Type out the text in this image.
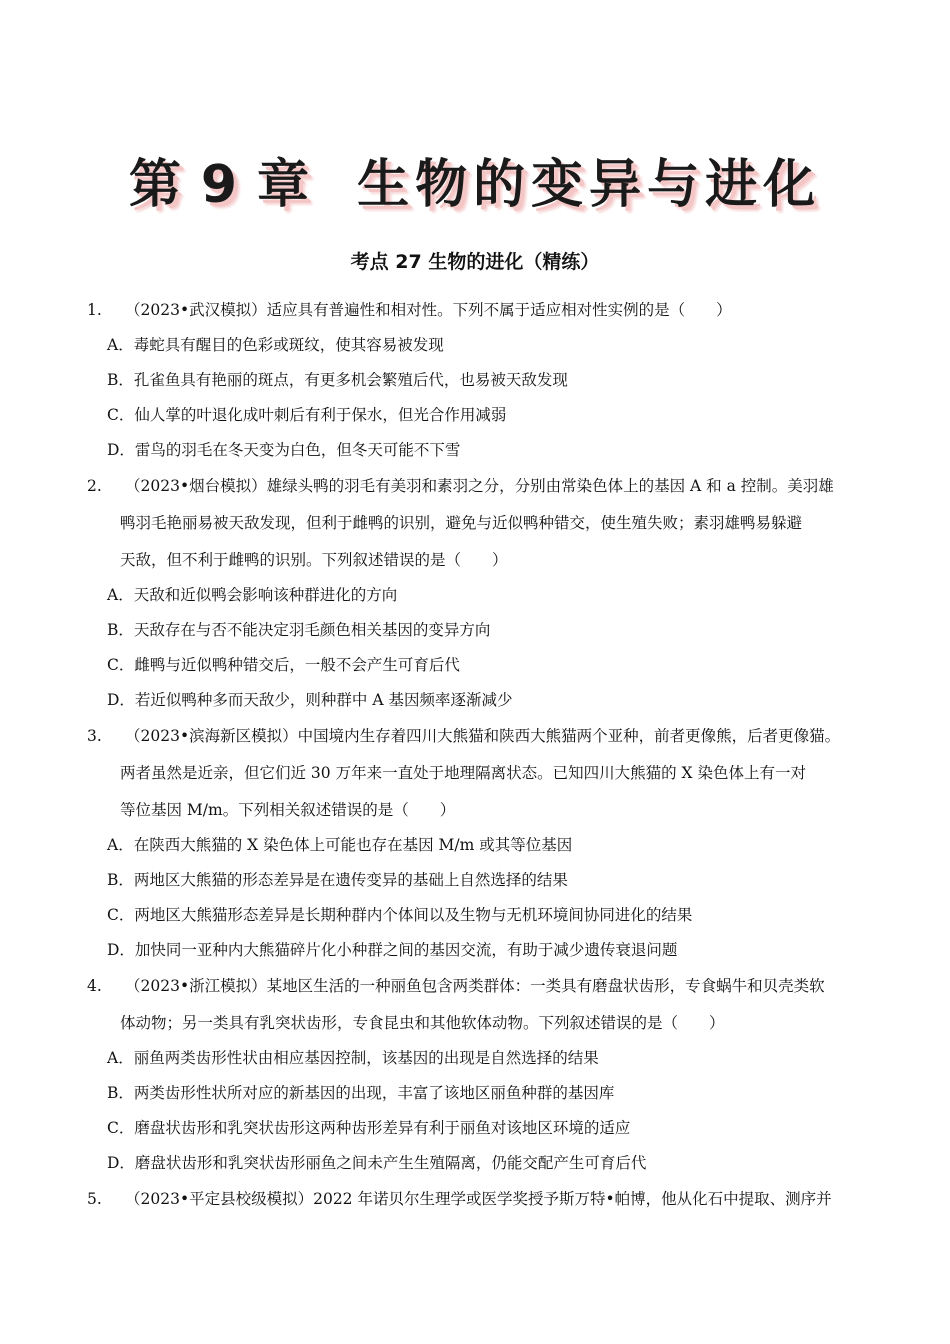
第 9 章 生物的变异与进化
考点 27 生物的进化（精练）
1. （2023•武汉模拟）适应具有普遍性和相对性。下列不属于适应相对性实例的是（　　）
A．毒蛇具有醒目的色彩或斑纹，使其容易被发现
B．孔雀鱼具有艳丽的斑点，有更多机会繁殖后代，也易被天敌发现
C．仙人掌的叶退化成叶刺后有利于保水，但光合作用减弱
D．雷鸟的羽毛在冬天变为白色，但冬天可能不下雪
2. （2023•烟台模拟）雄绿头鸭的羽毛有美羽和素羽之分，分别由常染色体上的基因 A 和 a 控制。美羽雄
鸭羽毛艳丽易被天敌发现，但利于雌鸭的识别，避免与近似鸭种错交，使生殖失败；素羽雄鸭易躲避
天敌，但不利于雌鸭的识别。下列叙述错误的是（　　）
A．天敌和近似鸭会影响该种群进化的方向
B．天敌存在与否不能决定羽毛颜色相关基因的变异方向
C．雌鸭与近似鸭种错交后，一般不会产生可育后代
D．若近似鸭种多而天敌少，则种群中 A 基因频率逐渐减少
3. （2023•滨海新区模拟）中国境内生存着四川大熊猫和陕西大熊猫两个亚种，前者更像熊，后者更像猫。
两者虽然是近亲，但它们近 30 万年来一直处于地理隔离状态。已知四川大熊猫的 X 染色体上有一对
等位基因 M/m。下列相关叙述错误的是（　　）
A．在陕西大熊猫的 X 染色体上可能也存在基因 M/m 或其等位基因
B．两地区大熊猫的形态差异是在遗传变异的基础上自然选择的结果
C．两地区大熊猫形态差异是长期种群内个体间以及生物与无机环境间协同进化的结果
D．加快同一亚种内大熊猫碎片化小种群之间的基因交流，有助于减少遗传衰退问题
4. （2023•浙江模拟）某地区生活的一种丽鱼包含两类群体：一类具有磨盘状齿形，专食蜗牛和贝壳类软
体动物；另一类具有乳突状齿形，专食昆虫和其他软体动物。下列叙述错误的是（　　）
A．丽鱼两类齿形性状由相应基因控制，该基因的出现是自然选择的结果
B．两类齿形性状所对应的新基因的出现，丰富了该地区丽鱼种群的基因库
C．磨盘状齿形和乳突状齿形这两种齿形差异有利于丽鱼对该地区环境的适应
D．磨盘状齿形和乳突状齿形丽鱼之间未产生生殖隔离，仍能交配产生可育后代
5. （2023•平定县校级模拟）2022 年诺贝尔生理学或医学奖授予斯万特•帕博，他从化石中提取、测序并
